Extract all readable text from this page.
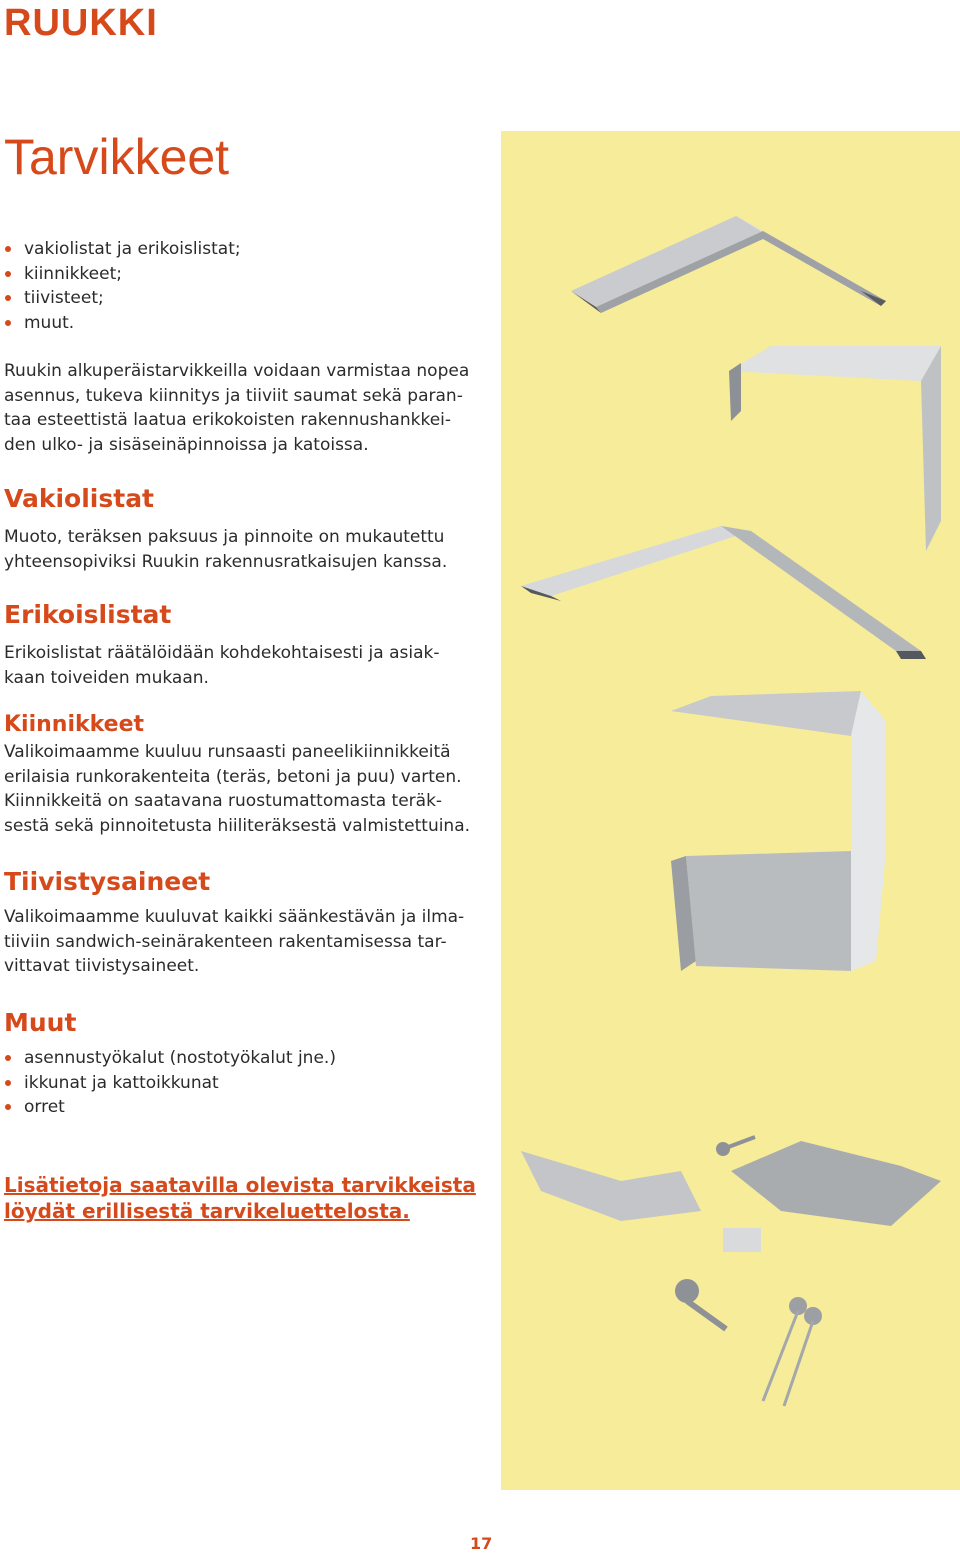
RUUKKI
Tarvikkeet
vakiolistat ja erikoislistat;
kiinnikkeet;
tiivisteet;
muut.

Ruukin alkuperäistarvikkeilla voidaan varmistaa nopea
asennus, tukeva kiinnitys ja tiiviit saumat sekä paran-
taa esteettistä laatua erikokoisten rakennushankkei-
den ulko- ja sisäseinäpinnoissa ja katoissa.

Vakiolistat

Muoto, teräksen paksuus ja pinnoite on mukautettu
yhteensopiviksi Ruukin rakennusratkaisujen kanssa.

Erikoislistat

Erikoislistat räätälöidään kohdekohtaisesti ja asiak-
kaan toiveiden mukaan.

Kiinnikkeet

Valikoimaamme kuuluu runsaasti paneelikiinnikkeitä
erilaisia runkorakenteita (teräs, betoni ja puu) varten.
Kiinnikkeitä on saatavana ruostumattomasta teräk-
sestä sekä pinnoitetusta hiiliteräksestä valmistettuina.

Tiivistysaineet

Valikoimaamme kuuluvat kaikki säänkestävän ja ilma-
tiiviin sandwich-seinärakenteen rakentamisessa tar-
vittavat tiivistysaineet.

Muut
asennustyökalut (nostotyökalut jne.)
ikkunat ja kattoikkunat
orret

Lisätietoja saatavilla olevista tarvikkeista
löydät erillisestä tarvikeluettelosta.

17
